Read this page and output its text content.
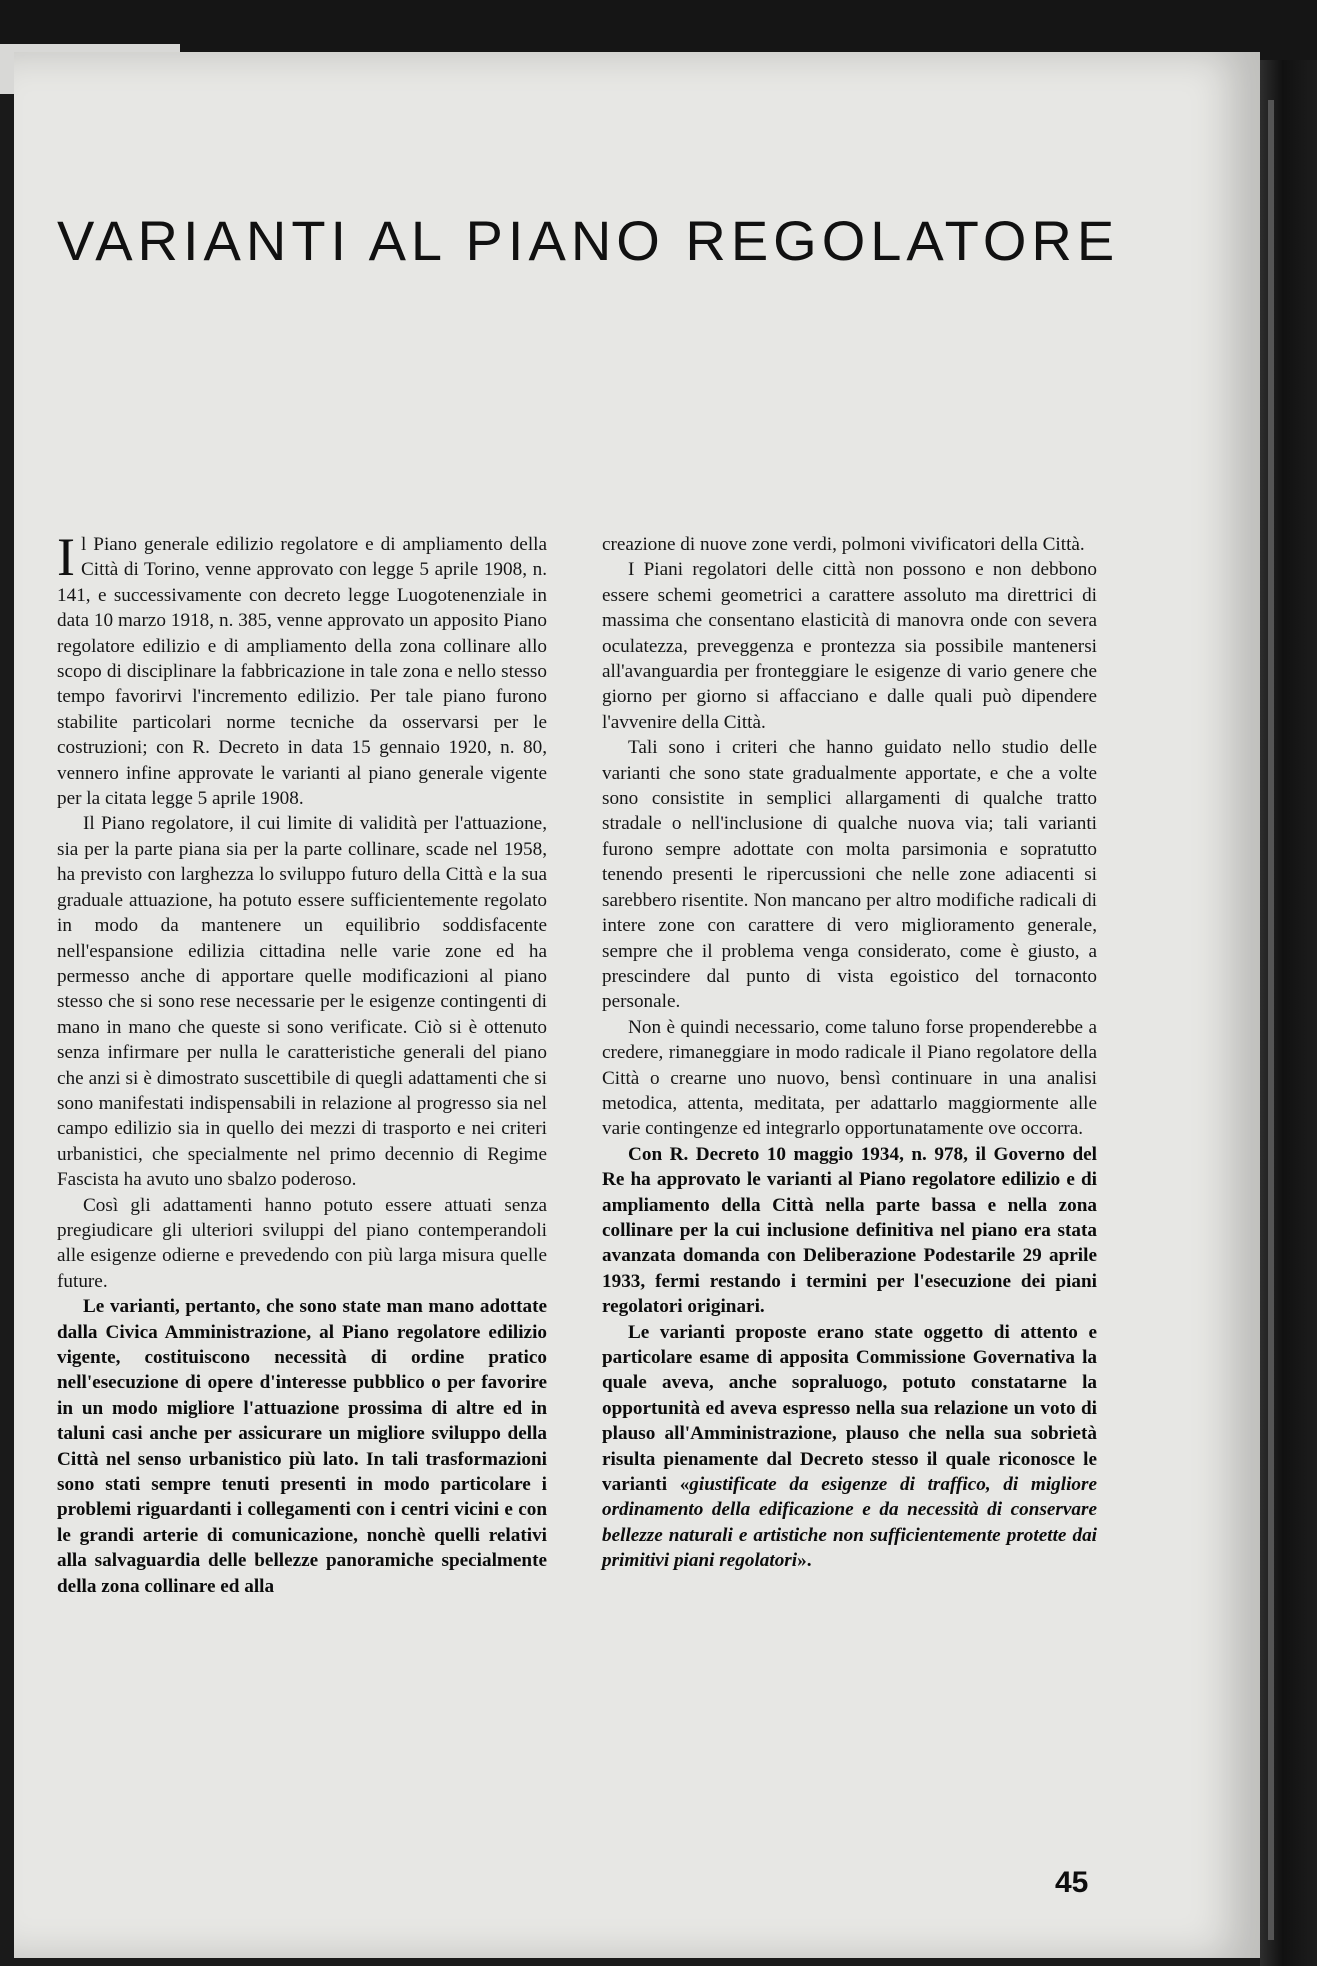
VARIANTI AL PIANO REGOLATORE

Il Piano generale edilizio regolatore e di ampliamento della Città di Torino, venne approvato con legge 5 aprile 1908, n. 141, e successivamente con decreto legge Luogotenenziale in data 10 marzo 1918, n. 385, venne approvato un apposito Piano regolatore edilizio e di ampliamento della zona collinare allo scopo di disciplinare la fabbricazione in tale zona e nello stesso tempo favorirvi l'incremento edilizio. Per tale piano furono stabilite particolari norme tecniche da osservarsi per le costruzioni; con R. Decreto in data 15 gennaio 1920, n. 80, vennero infine approvate le varianti al piano generale vigente per la citata legge 5 aprile 1908.

Il Piano regolatore, il cui limite di validità per l'attuazione, sia per la parte piana sia per la parte collinare, scade nel 1958, ha previsto con larghezza lo sviluppo futuro della Città e la sua graduale attuazione, ha potuto essere sufficientemente regolato in modo da mantenere un equilibrio soddisfacente nell'espansione edilizia cittadina nelle varie zone ed ha permesso anche di apportare quelle modificazioni al piano stesso che si sono rese necessarie per le esigenze contingenti di mano in mano che queste si sono verificate. Ciò si è ottenuto senza infirmare per nulla le caratteristiche generali del piano che anzi si è dimostrato suscettibile di quegli adattamenti che si sono manifestati indispensabili in relazione al progresso sia nel campo edilizio sia in quello dei mezzi di trasporto e nei criteri urbanistici, che specialmente nel primo decennio di Regime Fascista ha avuto uno sbalzo poderoso.

Così gli adattamenti hanno potuto essere attuati senza pregiudicare gli ulteriori sviluppi del piano contemperandoli alle esigenze odierne e prevedendo con più larga misura quelle future.

Le varianti, pertanto, che sono state man mano adottate dalla Civica Amministrazione, al Piano regolatore edilizio vigente, costituiscono necessità di ordine pratico nell'esecuzione di opere d'interesse pubblico o per favorire in un modo migliore l'attuazione prossima di altre ed in taluni casi anche per assicurare un migliore sviluppo della Città nel senso urbanistico più lato. In tali trasformazioni sono stati sempre tenuti presenti in modo particolare i problemi riguardanti i collegamenti con i centri vicini e con le grandi arterie di comunicazione, nonchè quelli relativi alla salvaguardia delle bellezze panoramiche specialmente della zona collinare ed alla

creazione di nuove zone verdi, polmoni vivificatori della Città.

I Piani regolatori delle città non possono e non debbono essere schemi geometrici a carattere assoluto ma direttrici di massima che consentano elasticità di manovra onde con severa oculatezza, preveggenza e prontezza sia possibile mantenersi all'avanguardia per fronteggiare le esigenze di vario genere che giorno per giorno si affacciano e dalle quali può dipendere l'avvenire della Città.

Tali sono i criteri che hanno guidato nello studio delle varianti che sono state gradualmente apportate, e che a volte sono consistite in semplici allargamenti di qualche tratto stradale o nell'inclusione di qualche nuova via; tali varianti furono sempre adottate con molta parsimonia e sopratutto tenendo presenti le ripercussioni che nelle zone adiacenti si sarebbero risentite. Non mancano per altro modifiche radicali di intere zone con carattere di vero miglioramento generale, sempre che il problema venga considerato, come è giusto, a prescindere dal punto di vista egoistico del tornaconto personale.

Non è quindi necessario, come taluno forse propenderebbe a credere, rimaneggiare in modo radicale il Piano regolatore della Città o crearne uno nuovo, bensì continuare in una analisi metodica, attenta, meditata, per adattarlo maggiormente alle varie contingenze ed integrarlo opportunatamente ove occorra.

Con R. Decreto 10 maggio 1934, n. 978, il Governo del Re ha approvato le varianti al Piano regolatore edilizio e di ampliamento della Città nella parte bassa e nella zona collinare per la cui inclusione definitiva nel piano era stata avanzata domanda con Deliberazione Podestarile 29 aprile 1933, fermi restando i termini per l'esecuzione dei piani regolatori originari.

Le varianti proposte erano state oggetto di attento e particolare esame di apposita Commissione Governativa la quale aveva, anche sopraluogo, potuto constatarne la opportunità ed aveva espresso nella sua relazione un voto di plauso all'Amministrazione, plauso che nella sua sobrietà risulta pienamente dal Decreto stesso il quale riconosce le varianti «giustificate da esigenze di traffico, di migliore ordinamento della edificazione e da necessità di conservare bellezze naturali e artistiche non sufficientemente protette dai primitivi piani regolatori».

45
